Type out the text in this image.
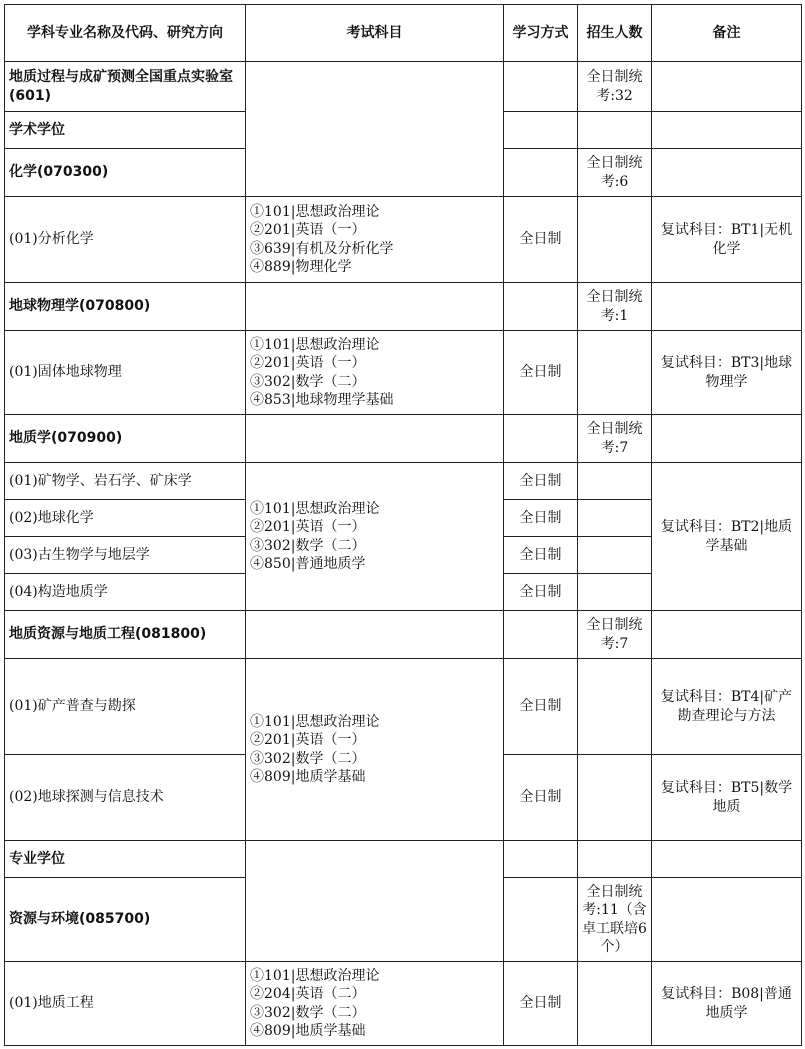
学科专业名称及代码、研究方向	考试科目	学习方式	招生人数	备注
地质过程与成矿预测全国重点实验室(601)			全日制统考:32	
学术学位				
化学(070300)			全日制统考:6	
(01)分析化学	①101|思想政治理论
②201|英语（一）
③639|有机及分析化学
④889|物理化学	全日制		复试科目：BT1|无机化学
地球物理学(070800)			全日制统考:1	
(01)固体地球物理	①101|思想政治理论
②201|英语（一）
③302|数学（二）
④853|地球物理学基础	全日制		复试科目：BT3|地球物理学
地质学(070900)			全日制统考:7	
(01)矿物学、岩石学、矿床学	①101|思想政治理论
②201|英语（一）
③302|数学（二）
④850|普通地质学	全日制		复试科目：BT2|地质学基础
(02)地球化学		全日制		
(03)古生物学与地层学		全日制		
(04)构造地质学		全日制		
地质资源与地质工程(081800)			全日制统考:7	
(01)矿产普查与勘探	①101|思想政治理论
②201|英语（一）
③302|数学（二）
④809|地质学基础	全日制		复试科目：BT4|矿产勘查理论与方法
(02)地球探测与信息技术		全日制		复试科目：BT5|数学地质
专业学位				
资源与环境(085700)			全日制统考:11（含卓工联培6个）	
(01)地质工程	①101|思想政治理论
②204|英语（二）
③302|数学（二）
④809|地质学基础	全日制		复试科目：B08|普通地质学
